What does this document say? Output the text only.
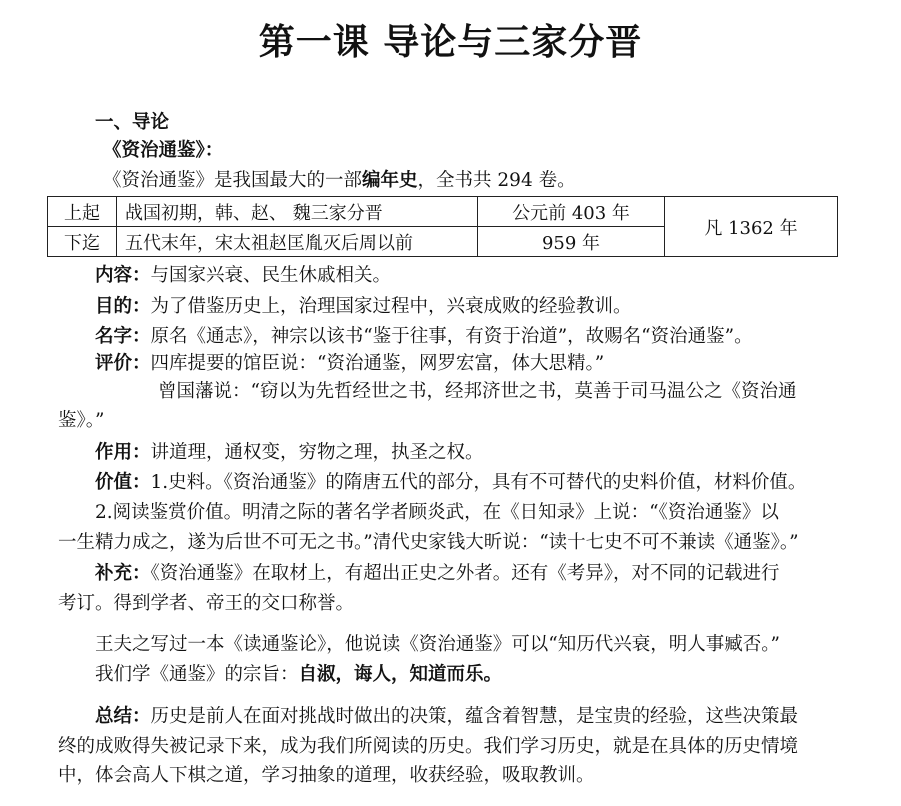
第一课 导论与三家分晋
一、导论
《资治通鉴》：
《资治通鉴》是我国最大的一部编年史，全书共 294 卷。
上起	战国初期，韩、赵、 魏三家分晋	公元前 403 年	凡 1362 年
下迄	五代末年，宋太祖赵匡胤灭后周以前	959 年	
内容：与国家兴衰、民生休戚相关。
目的：为了借鉴历史上，治理国家过程中，兴衰成败的经验教训。
名字：原名《通志》，神宗以该书“鉴于往事，有资于治道”，故赐名“资治通鉴”。
评价：四库提要的馆臣说：“资治通鉴，网罗宏富，体大思精。”
曾国藩说：“窃以为先哲经世之书，经邦济世之书，莫善于司马温公之《资治通
鉴》。”
作用：讲道理，通权变，穷物之理，执圣之权。
价值：1.史料。《资治通鉴》的隋唐五代的部分，具有不可替代的史料价值，材料价值。
2.阅读鉴赏价值。明清之际的著名学者顾炎武，在《日知录》上说：“《资治通鉴》以
一生精力成之，遂为后世不可无之书。”清代史家钱大昕说：“读十七史不可不兼读《通鉴》。”
补充：《资治通鉴》在取材上，有超出正史之外者。还有《考异》，对不同的记载进行
考订。得到学者、帝王的交口称誉。
王夫之写过一本《读通鉴论》，他说读《资治通鉴》可以“知历代兴衰，明人事臧否。”
我们学《通鉴》的宗旨：自淑，诲人，知道而乐。
总结：历史是前人在面对挑战时做出的决策，蕴含着智慧，是宝贵的经验，这些决策最
终的成败得失被记录下来，成为我们所阅读的历史。我们学习历史，就是在具体的历史情境
中，体会高人下棋之道，学习抽象的道理，收获经验，吸取教训。
